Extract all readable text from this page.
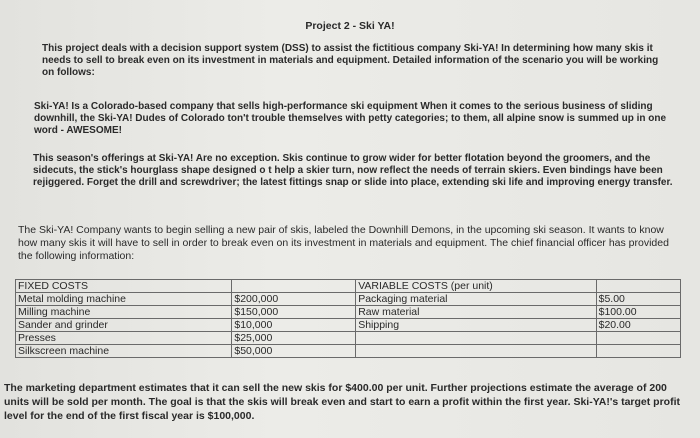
Project 2 - Ski YA!
This project deals with a decision support system (DSS) to assist the fictitious company Ski-YA! In determining how many skis it needs to sell to break even on its investment in materials and equipment. Detailed information of the scenario you will be working on follows:
Ski-YA! Is a Colorado-based company that sells high-performance ski equipment When it comes to the serious business of sliding downhill, the Ski-YA! Dudes of Colorado ton't trouble themselves with petty categories; to them, all alpine snow is summed up in one word - AWESOME!
This season's offerings at Ski-YA! Are no exception. Skis continue to grow wider for better flotation beyond the groomers, and the sidecuts, the stick's hourglass shape designed o t help a skier turn, now reflect the needs of terrain skiers. Even bindings have been rejiggered. Forget the drill and screwdriver; the latest fittings snap or slide into place, extending ski life and improving energy transfer.
The Ski-YA! Company wants to begin selling a new pair of skis, labeled the Downhill Demons, in the upcoming ski season. It wants to know how many skis it will have to sell in order to break even on its investment in materials and equipment. The chief financial officer has provided the following information:
FIXED COSTS		VARIABLE COSTS (per unit)	
Metal molding machine	$200,000	Packaging material	$5.00
Milling machine	$150,000	Raw material	$100.00
Sander and grinder	$10,000	Shipping	$20.00
Presses	$25,000		
Silkscreen machine	$50,000		
The marketing department estimates that it can sell the new skis for $400.00 per unit. Further projections estimate the average of 200 units will be sold per month. The goal is that the skis will break even and start to earn a profit within the first year. Ski-YA!'s target profit level for the end of the first fiscal year is $100,000.
